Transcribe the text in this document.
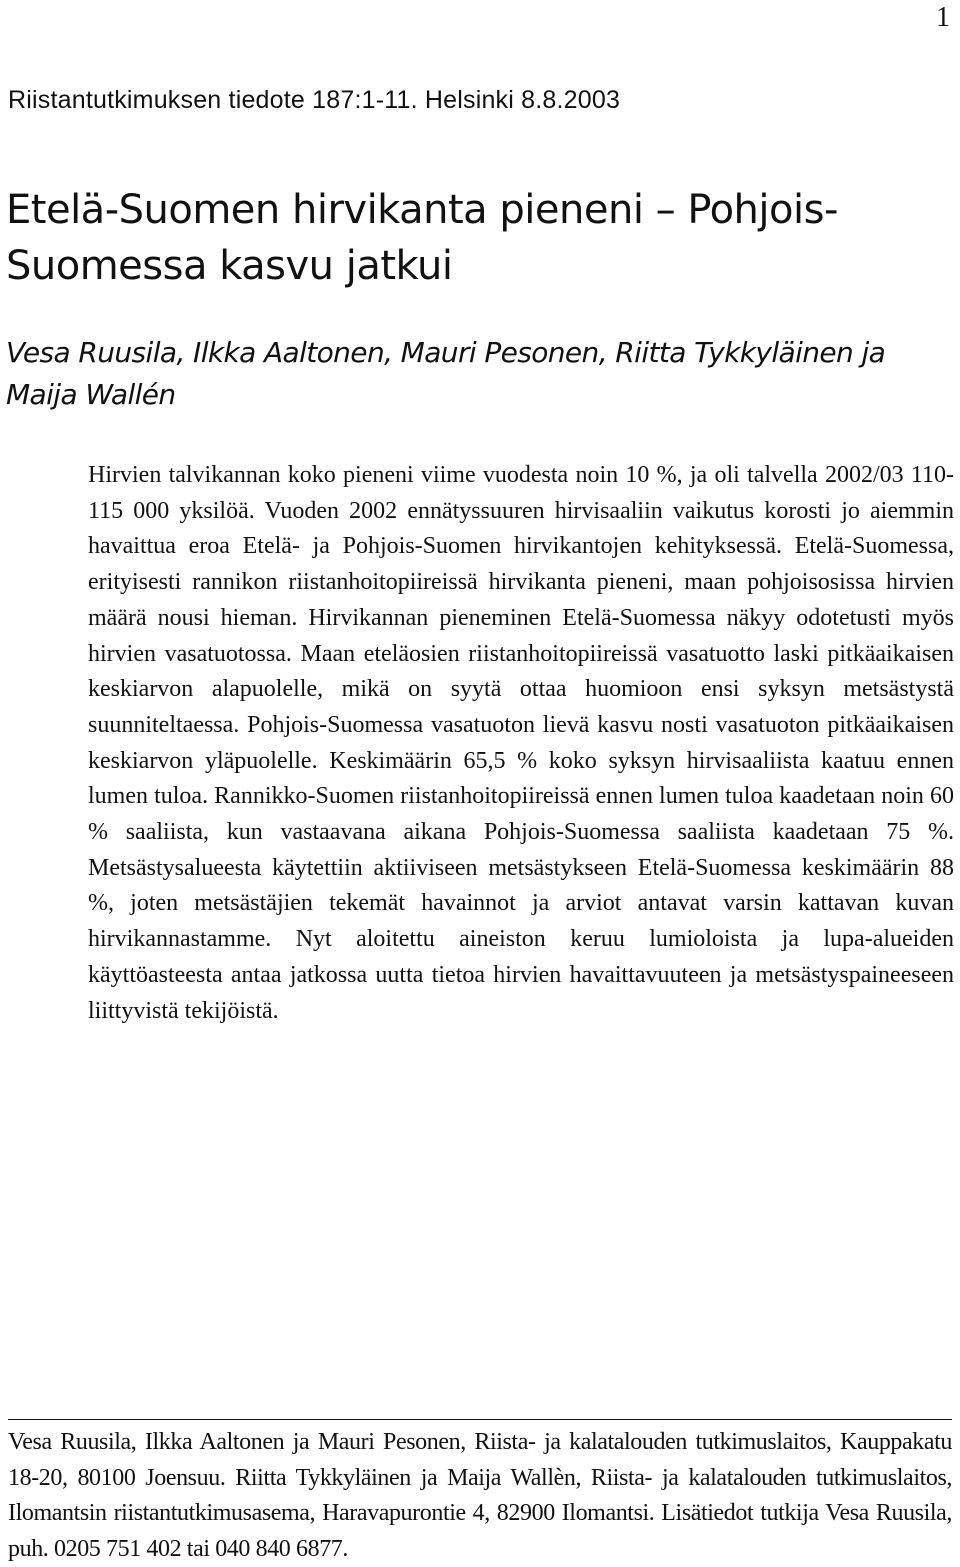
1
Riistantutkimuksen tiedote 187:1-11. Helsinki 8.8.2003
Etelä-Suomen hirvikanta pieneni – Pohjois-Suomessa kasvu jatkui
Vesa Ruusila, Ilkka Aaltonen, Mauri Pesonen, Riitta Tykkyläinen ja Maija Wallén

Hirvien talvikannan koko pieneni viime vuodesta noin 10 %, ja oli talvella 2002/03 110-115 000 yksilöä. Vuoden 2002 ennätyssuuren hirvisaaliin vaikutus korosti jo aiemmin havaittua eroa Etelä- ja Pohjois-Suomen hirvikantojen kehityksessä. Etelä-Suomessa, erityisesti rannikon riistanhoitopiireissä hirvikanta pieneni, maan pohjoisosissa hirvien määrä nousi hieman. Hirvikannan pieneminen Etelä-Suomessa näkyy odotetusti myös hirvien vasatuotossa. Maan eteläosien riistanhoitopiireissä vasatuotto laski pitkäaikaisen keskiarvon alapuolelle, mikä on syytä ottaa huomioon ensi syksyn metsästystä suunniteltaessa. Pohjois-Suomessa vasatuoton lievä kasvu nosti vasatuoton pitkäaikaisen keskiarvon yläpuolelle. Keskimäärin 65,5 % koko syksyn hirvisaaliista kaatuu ennen lumen tuloa. Rannikko-Suomen riistanhoitopiireissä ennen lumen tuloa kaadetaan noin 60 % saaliista, kun vastaavana aikana Pohjois-Suomessa saaliista kaadetaan 75 %. Metsästysalueesta käytettiin aktiiviseen metsästykseen Etelä-Suomessa keskimäärin 88 %, joten metsästäjien tekemät havainnot ja arviot antavat varsin kattavan kuvan hirvikannastamme. Nyt aloitettu aineiston keruu lumioloista ja lupa-alueiden käyttöasteesta antaa jatkossa uutta tietoa hirvien havaittavuuteen ja metsästyspaineeseen liittyvistä tekijöistä.

Vesa Ruusila, Ilkka Aaltonen ja Mauri Pesonen, Riista- ja kalatalouden tutkimuslaitos, Kauppakatu 18-20, 80100 Joensuu. Riitta Tykkyläinen ja Maija Wallèn, Riista- ja kalatalouden tutkimuslaitos, Ilomantsin riistantutkimusasema, Haravapurontie 4, 82900 Ilomantsi. Lisätiedot tutkija Vesa Ruusila, puh. 0205 751 402 tai 040 840 6877.
